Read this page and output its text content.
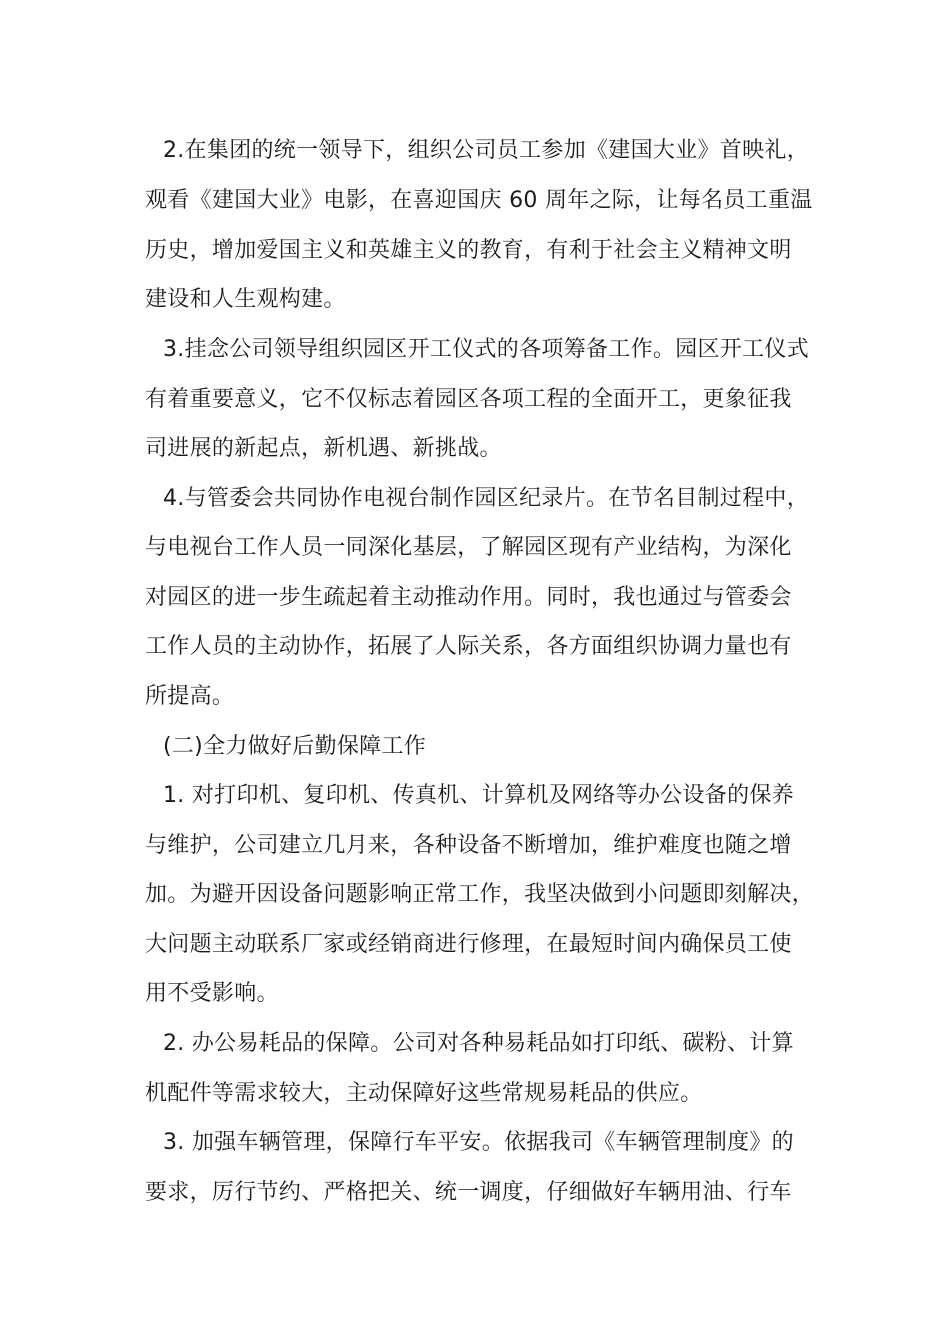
2.在集团的统一领导下，组织公司员工参加《建国大业》首映礼，

观看《建国大业》电影，在喜迎国庆 60 周年之际，让每名员工重温

历史，增加爱国主义和英雄主义的教育，有利于社会主义精神文明

建设和人生观构建。

3.挂念公司领导组织园区开工仪式的各项筹备工作。园区开工仪式

有着重要意义，它不仅标志着园区各项工程的全面开工，更象征我

司进展的新起点，新机遇、新挑战。

4.与管委会共同协作电视台制作园区纪录片。在节名目制过程中，

与电视台工作人员一同深化基层，了解园区现有产业结构，为深化

对园区的进一步生疏起着主动推动作用。同时，我也通过与管委会

工作人员的主动协作，拓展了人际关系，各方面组织协调力量也有

所提高。

(二)全力做好后勤保障工作

1. 对打印机、复印机、传真机、计算机及网络等办公设备的保养

与维护，公司建立几月来，各种设备不断增加，维护难度也随之增

加。为避开因设备问题影响正常工作，我坚决做到小问题即刻解决，

大问题主动联系厂家或经销商进行修理，在最短时间内确保员工使

用不受影响。

2. 办公易耗品的保障。公司对各种易耗品如打印纸、碳粉、计算

机配件等需求较大，主动保障好这些常规易耗品的供应。

3. 加强车辆管理，保障行车平安。依据我司《车辆管理制度》的

要求，厉行节约、严格把关、统一调度，仔细做好车辆用油、行车
